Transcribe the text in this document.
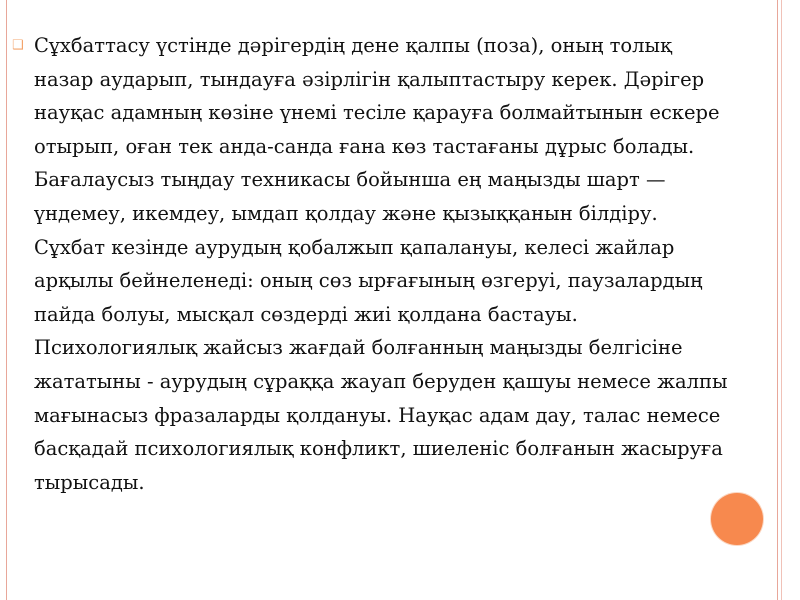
❑ Сұхбаттасу үстінде дәрігердің дене қалпы (поза), оның толық
назар аударып, тындауға әзірлігін қалыптастыру керек. Дәрігер
науқас адамның көзіне үнемі тесіле қарауға болмайтынын ескере
отырып, оған тек анда-санда ғана көз тастағаны дұрыс болады.
Бағалаусыз тыңдау техникасы бойынша ең маңызды шарт —
үндемеу, икемдеу, ымдап қолдау және қызыққанын білдіру.
Сұхбат кезінде аурудың қобалжып қапалануы, келесі жайлар
арқылы бейнеленеді: оның сөз ырғағының өзгеруі, паузалардың
пайда болуы, мысқал сөздерді жиі қолдана бастауы.
Психологиялық жайсыз жағдай болғанның маңызды белгісіне
жататыны - аурудың сұраққа жауап беруден қашуы немесе жалпы
мағынасыз фразаларды қолдануы. Науқас адам дау, талас немесе
басқадай психологиялық конфликт, шиеленіс болғанын жасыруға
тырысады.
